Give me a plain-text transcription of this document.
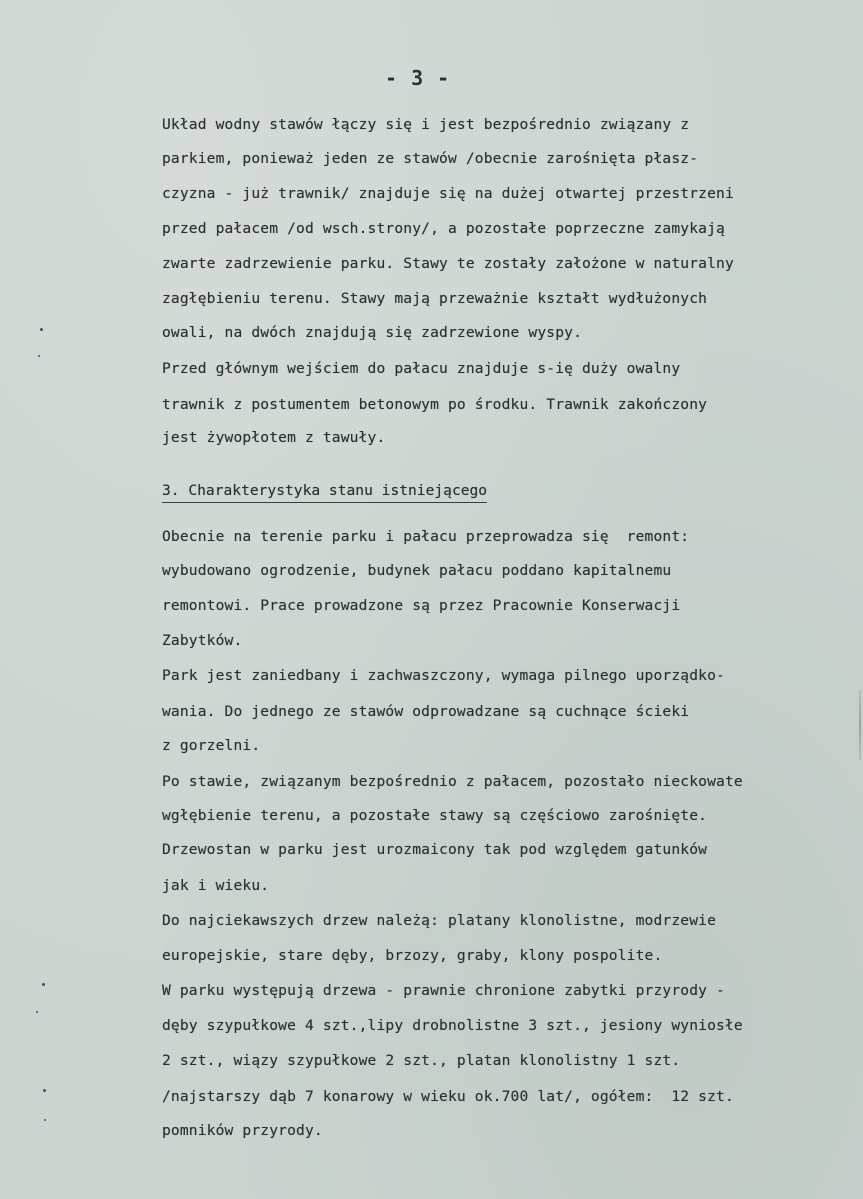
- 3 -
Układ wodny stawów łączy się i jest bezpośrednio związany z
parkiem, ponieważ jeden ze stawów /obecnie zarośnięta płasz-
czyzna - już trawnik/ znajduje się na dużej otwartej przestrzeni
przed pałacem /od wsch.strony/, a pozostałe poprzeczne zamykają
zwarte zadrzewienie parku. Stawy te zostały założone w naturalny
zagłębieniu terenu. Stawy mają przeważnie kształt wydłużonych
owali, na dwóch znajdują się zadrzewione wyspy.
Przed głównym wejściem do pałacu znajduje s-ię duży owalny
trawnik z postumentem betonowym po środku. Trawnik zakończony
jest żywopłotem z tawuły.
3. Charakterystyka stanu istniejącego
Obecnie na terenie parku i pałacu przeprowadza się  remont:
wybudowano ogrodzenie, budynek pałacu poddano kapitalnemu
remontowi. Prace prowadzone są przez Pracownie Konserwacji
Zabytków.
Park jest zaniedbany i zachwaszczony, wymaga pilnego uporządko-
wania. Do jednego ze stawów odprowadzane są cuchnące ścieki
z gorzelni.
Po stawie, związanym bezpośrednio z pałacem, pozostało nieckowate
wgłębienie terenu, a pozostałe stawy są częściowo zarośnięte.
Drzewostan w parku jest urozmaicony tak pod względem gatunków
jak i wieku.
Do najciekawszych drzew należą: platany klonolistne, modrzewie
europejskie, stare dęby, brzozy, graby, klony pospolite.
W parku występują drzewa - prawnie chronione zabytki przyrody -
dęby szypułkowe 4 szt.,lipy drobnolistne 3 szt., jesiony wyniosłe
2 szt., wiązy szypułkowe 2 szt., platan klonolistny 1 szt.
/najstarszy dąb 7 konarowy w wieku ok.700 lat/, ogółem:  12 szt.
pomników przyrody.
